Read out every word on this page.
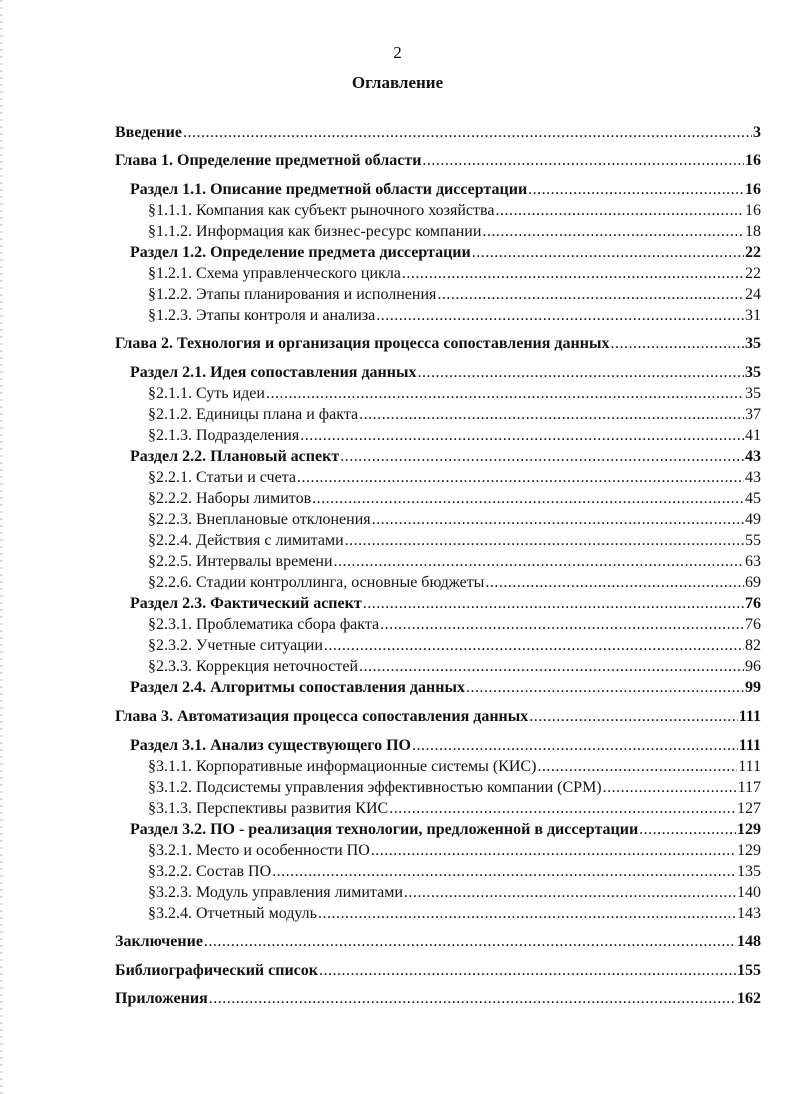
2
Оглавление
Введение .....	3
Глава 1. Определение предметной области .....	16
Раздел 1.1. Описание предметной области диссертации .....	16
§1.1.1. Компания как субъект рыночного хозяйства .....	16
§1.1.2. Информация как бизнес-ресурс компании .....	18
Раздел 1.2. Определение предмета диссертации .....	22
§1.2.1. Схема управленческого цикла .....	22
§1.2.2. Этапы планирования и исполнения .....	24
§1.2.3. Этапы контроля и анализа .....	31
Глава 2. Технология и организация процесса сопоставления данных .....	35
Раздел 2.1. Идея сопоставления данных .....	35
§2.1.1. Суть идеи .....	35
§2.1.2. Единицы плана и факта .....	37
§2.1.3. Подразделения .....	41
Раздел 2.2. Плановый аспект .....	43
§2.2.1. Статьи и счета .....	43
§2.2.2. Наборы лимитов .....	45
§2.2.3. Внеплановые отклонения .....	49
§2.2.4. Действия с лимитами .....	55
§2.2.5. Интервалы времени .....	63
§2.2.6. Стадии контроллинга, основные бюджеты .....	69
Раздел 2.3. Фактический аспект .....	76
§2.3.1. Проблематика сбора факта .....	76
§2.3.2. Учетные ситуации .....	82
§2.3.3. Коррекция неточностей .....	96
Раздел 2.4. Алгоритмы сопоставления данных .....	99
Глава 3. Автоматизация процесса сопоставления данных .....	111
Раздел 3.1. Анализ существующего ПО .....	111
§3.1.1. Корпоративные информационные системы (КИС) .....	111
§3.1.2. Подсистемы управления эффективностью компании (CPM) .....	117
§3.1.3. Перспективы развития КИС .....	127
Раздел 3.2. ПО - реализация технологии, предложенной в диссертации .....	129
§3.2.1. Место и особенности ПО .....	129
§3.2.2. Состав ПО .....	135
§3.2.3. Модуль управления лимитами .....	140
§3.2.4. Отчетный модуль .....	143
Заключение .....	148
Библиографический список .....	155
Приложения .....	162
